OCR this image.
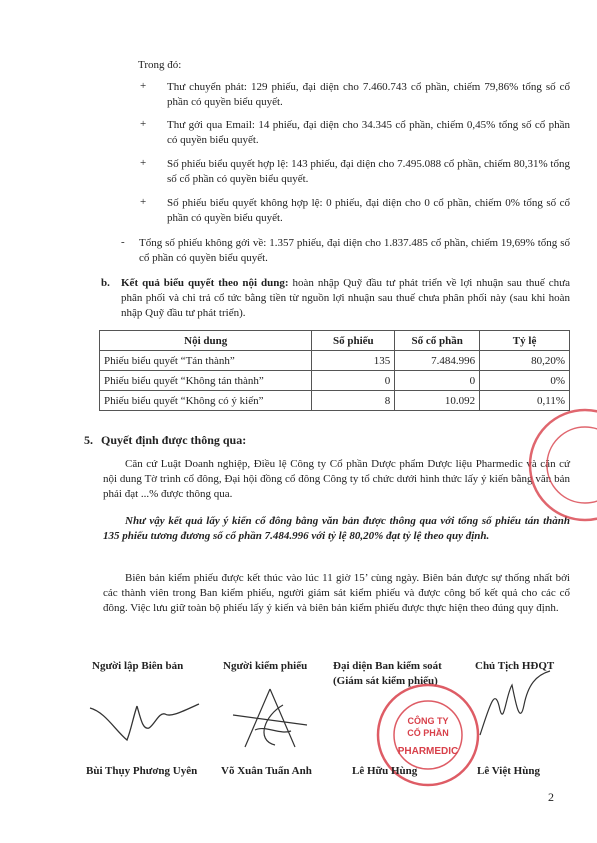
Trong đó:
+ Thư chuyển phát: 129 phiếu, đại diện cho 7.460.743 cổ phần, chiếm 79,86% tổng số cổ phần có quyền biểu quyết.
+ Thư gởi qua Email: 14 phiếu, đại diện cho 34.345 cổ phần, chiếm 0,45% tổng số cổ phần có quyền biểu quyết.
+ Số phiếu biểu quyết hợp lệ: 143 phiếu, đại diện cho 7.495.088 cổ phần, chiếm 80,31% tổng số cổ phần có quyền biểu quyết.
+ Số phiếu biểu quyết không hợp lệ: 0 phiếu, đại diện cho 0 cổ phần, chiếm 0% tổng số cổ phần có quyền biểu quyết.
- Tổng số phiếu không gởi về: 1.357 phiếu, đại diện cho 1.837.485 cổ phần, chiếm 19,69% tổng số cổ phần có quyền biểu quyết.
b. Kết quả biểu quyết theo nội dung: hoàn nhập Quỹ đầu tư phát triển về lợi nhuận sau thuế chưa phân phối và chi trả cổ tức bằng tiền từ nguồn lợi nhuận sau thuế chưa phân phối này (sau khi hoàn nhập Quỹ đầu tư phát triển).
Nội dung	Số phiếu	Số cổ phần	Tỷ lệ
Phiếu biểu quyết “Tán thành”	135	7.484.996	80,20%
Phiếu biểu quyết “Không tán thành”	0	0	0%
Phiếu biểu quyết “Không có ý kiến”	8	10.092	0,11%
5. Quyết định được thông qua:
Căn cứ Luật Doanh nghiệp, Điều lệ Công ty Cổ phần Dược phẩm Dược liệu Pharmedic và căn cứ nội dung Tờ trình cổ đông, Đại hội đồng cổ đông Công ty tổ chức dưới hình thức lấy ý kiến bằng văn bản phải đạt ...% được thông qua.
Như vậy kết quả lấy ý kiến cổ đông bằng văn bản được thông qua với tổng số phiếu tán thành 135 phiếu tương đương số cổ phần 7.484.996 với tỷ lệ 80,20% đạt tỷ lệ theo quy định.
Biên bản kiểm phiếu được kết thúc vào lúc 11 giờ 15’ cùng ngày. Biên bản được sự thống nhất bởi các thành viên trong Ban kiểm phiếu, người giám sát kiểm phiếu và được công bố kết quả cho các cổ đông. Việc lưu giữ toàn bộ phiếu lấy ý kiến và biên bản kiểm phiếu được thực hiện theo đúng quy định.
Người lập Biên bản	Người kiểm phiếu Đại diện Ban kiểm soát	Chủ Tịch HĐQT
(Giám sát kiểm phiếu)
CÔNG TY
CỔ PHẦN
PHARMEDIC
Bùi Thụy Phương Uyên Võ Xuân Tuấn Anh	Lê Hữu Hùng	Lê Việt Hùng
2
